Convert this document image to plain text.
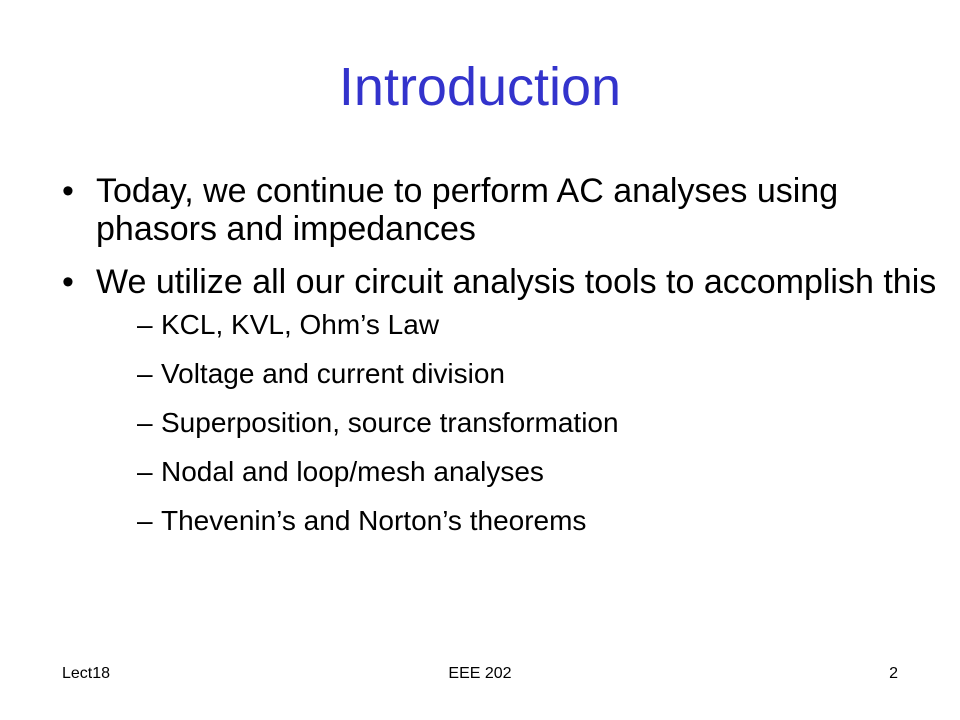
Introduction
• Today, we continue to perform AC analyses using phasors and impedances
• We utilize all our circuit analysis tools to accomplish this
– KCL, KVL, Ohm’s Law
– Voltage and current division
– Superposition, source transformation
– Nodal and loop/mesh analyses
– Thevenin’s and Norton’s theorems
Lect18	EEE 202	2
